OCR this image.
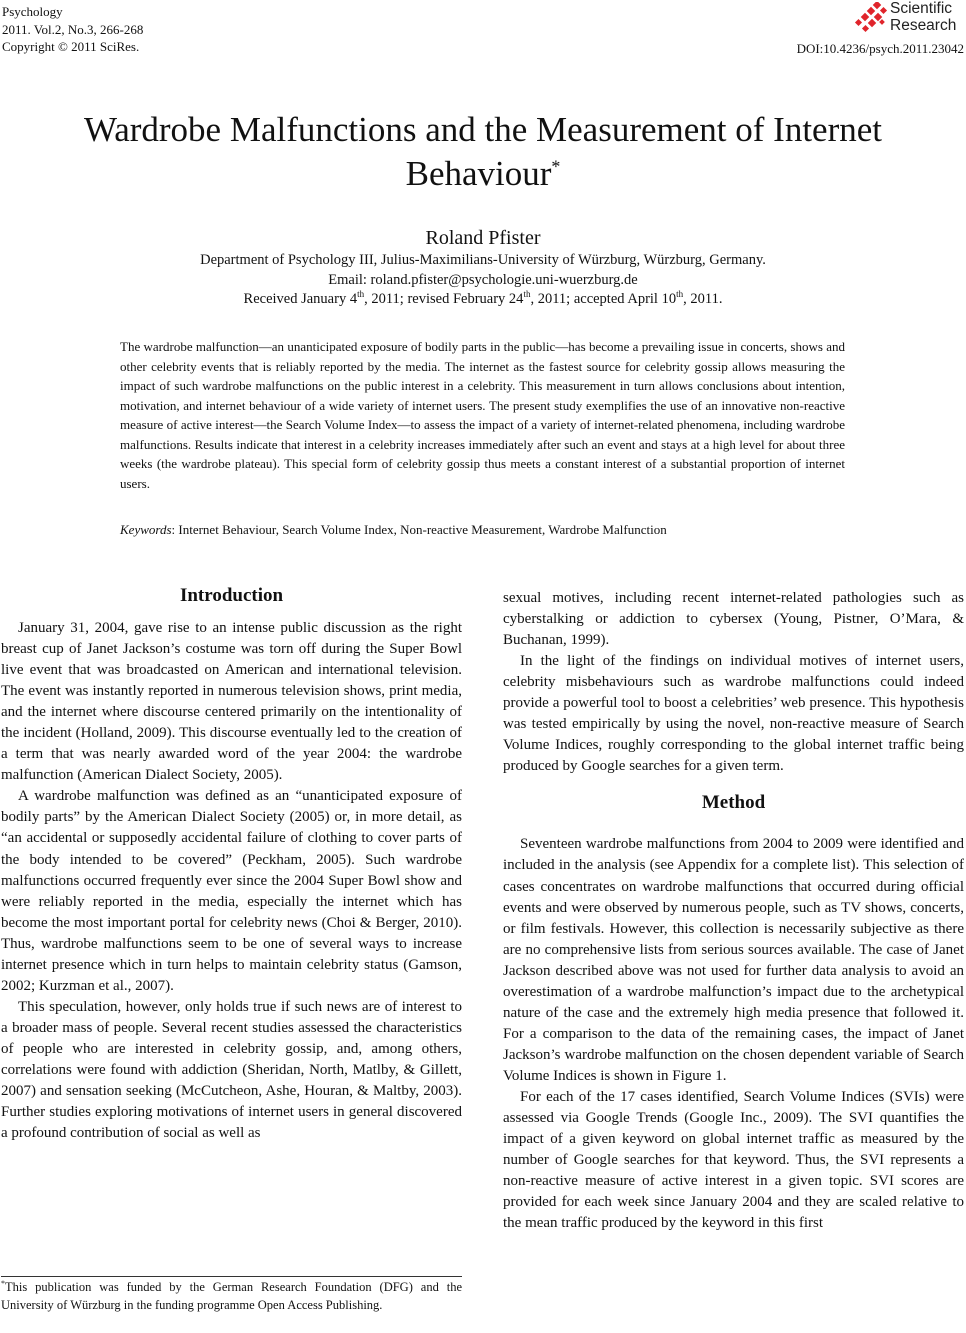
Psychology
2011. Vol.2, No.3, 266-268
Copyright © 2011 SciRes.
Scientific
Research
DOI:10.4236/psych.2011.23042
Wardrobe Malfunctions and the Measurement of Internet
Behaviour*
Roland Pfister
Department of Psychology III, Julius-Maximilians-University of Würzburg, Würzburg, Germany.
Email: roland.pfister@psychologie.uni-wuerzburg.de
Received January 4th, 2011; revised February 24th, 2011; accepted April 10th, 2011.

The wardrobe malfunction—an unanticipated exposure of bodily parts in the public—has become a prevailing issue in concerts, shows and other celebrity events that is reliably reported by the media. The internet as the fastest source for celebrity gossip allows measuring the impact of such wardrobe malfunctions on the public interest in a celebrity. This measurement in turn allows conclusions about intention, motivation, and internet behaviour of a wide variety of internet users. The present study exemplifies the use of an innovative non-reactive measure of active interest—the Search Volume Index—to assess the impact of a variety of internet-related phenomena, including wardrobe malfunctions. Results indicate that interest in a celebrity increases immediately after such an event and stays at a high level for about three weeks (the wardrobe plateau). This special form of celebrity gossip thus meets a constant interest of a substantial proportion of internet users.

Keywords: Internet Behaviour, Search Volume Index, Non-reactive Measurement, Wardrobe Malfunction
Introduction

January 31, 2004, gave rise to an intense public discussion as the right breast cup of Janet Jackson’s costume was torn off during the Super Bowl live event that was broadcasted on American and international television. The event was instantly reported in numerous television shows, print media, and the internet where discourse centered primarily on the intentionality of the incident (Holland, 2009). This discourse eventually led to the creation of a term that was nearly awarded word of the year 2004: the wardrobe malfunction (American Dialect Society, 2005).

A wardrobe malfunction was defined as an “unanticipated exposure of bodily parts” by the American Dialect Society (2005) or, in more detail, as “an accidental or supposedly accidental failure of clothing to cover parts of the body intended to be covered” (Peckham, 2005). Such wardrobe malfunctions occurred frequently ever since the 2004 Super Bowl show and were reliably reported in the media, especially the internet which has become the most important portal for celebrity news (Choi & Berger, 2010). Thus, wardrobe malfunctions seem to be one of several ways to increase internet presence which in turn helps to maintain celebrity status (Gamson, 2002; Kurzman et al., 2007).

This speculation, however, only holds true if such news are of interest to a broader mass of people. Several recent studies assessed the characteristics of people who are interested in celebrity gossip, and, among others, correlations were found with addiction (Sheridan, North, Matlby, & Gillett, 2007) and sensation seeking (McCutcheon, Ashe, Houran, & Maltby, 2003). Further studies exploring motivations of internet users in general discovered a profound contribution of social as well as

sexual motives, including recent internet-related pathologies such as cyberstalking or addiction to cybersex (Young, Pistner, O’Mara, & Buchanan, 1999).

In the light of the findings on individual motives of internet users, celebrity misbehaviours such as wardrobe malfunctions could indeed provide a powerful tool to boost a celebrities’ web presence. This hypothesis was tested empirically by using the novel, non-reactive measure of Search Volume Indices, roughly corresponding to the global internet traffic being produced by Google searches for a given term.

Method

Seventeen wardrobe malfunctions from 2004 to 2009 were identified and included in the analysis (see Appendix for a complete list). This selection of cases concentrates on wardrobe malfunctions that occurred during official events and were observed by numerous people, such as TV shows, concerts, or film festivals. However, this collection is necessarily subjective as there are no comprehensive lists from serious sources available. The case of Janet Jackson described above was not used for further data analysis to avoid an overestimation of a wardrobe malfunction’s impact due to the archetypical nature of the case and the extremely high media presence that followed it. For a comparison to the data of the remaining cases, the impact of Janet Jackson’s wardrobe malfunction on the chosen dependent variable of Search Volume Indices is shown in Figure 1.

For each of the 17 cases identified, Search Volume Indices (SVIs) were assessed via Google Trends (Google Inc., 2009). The SVI quantifies the impact of a given keyword on global internet traffic as measured by the number of Google searches for that keyword. Thus, the SVI represents a non-reactive measure of active interest in a given topic. SVI scores are provided for each week since January 2004 and they are scaled relative to the mean traffic produced by the keyword in this first

*This publication was funded by the German Research Foundation (DFG) and the University of Würzburg in the funding programme Open Access Publishing.
